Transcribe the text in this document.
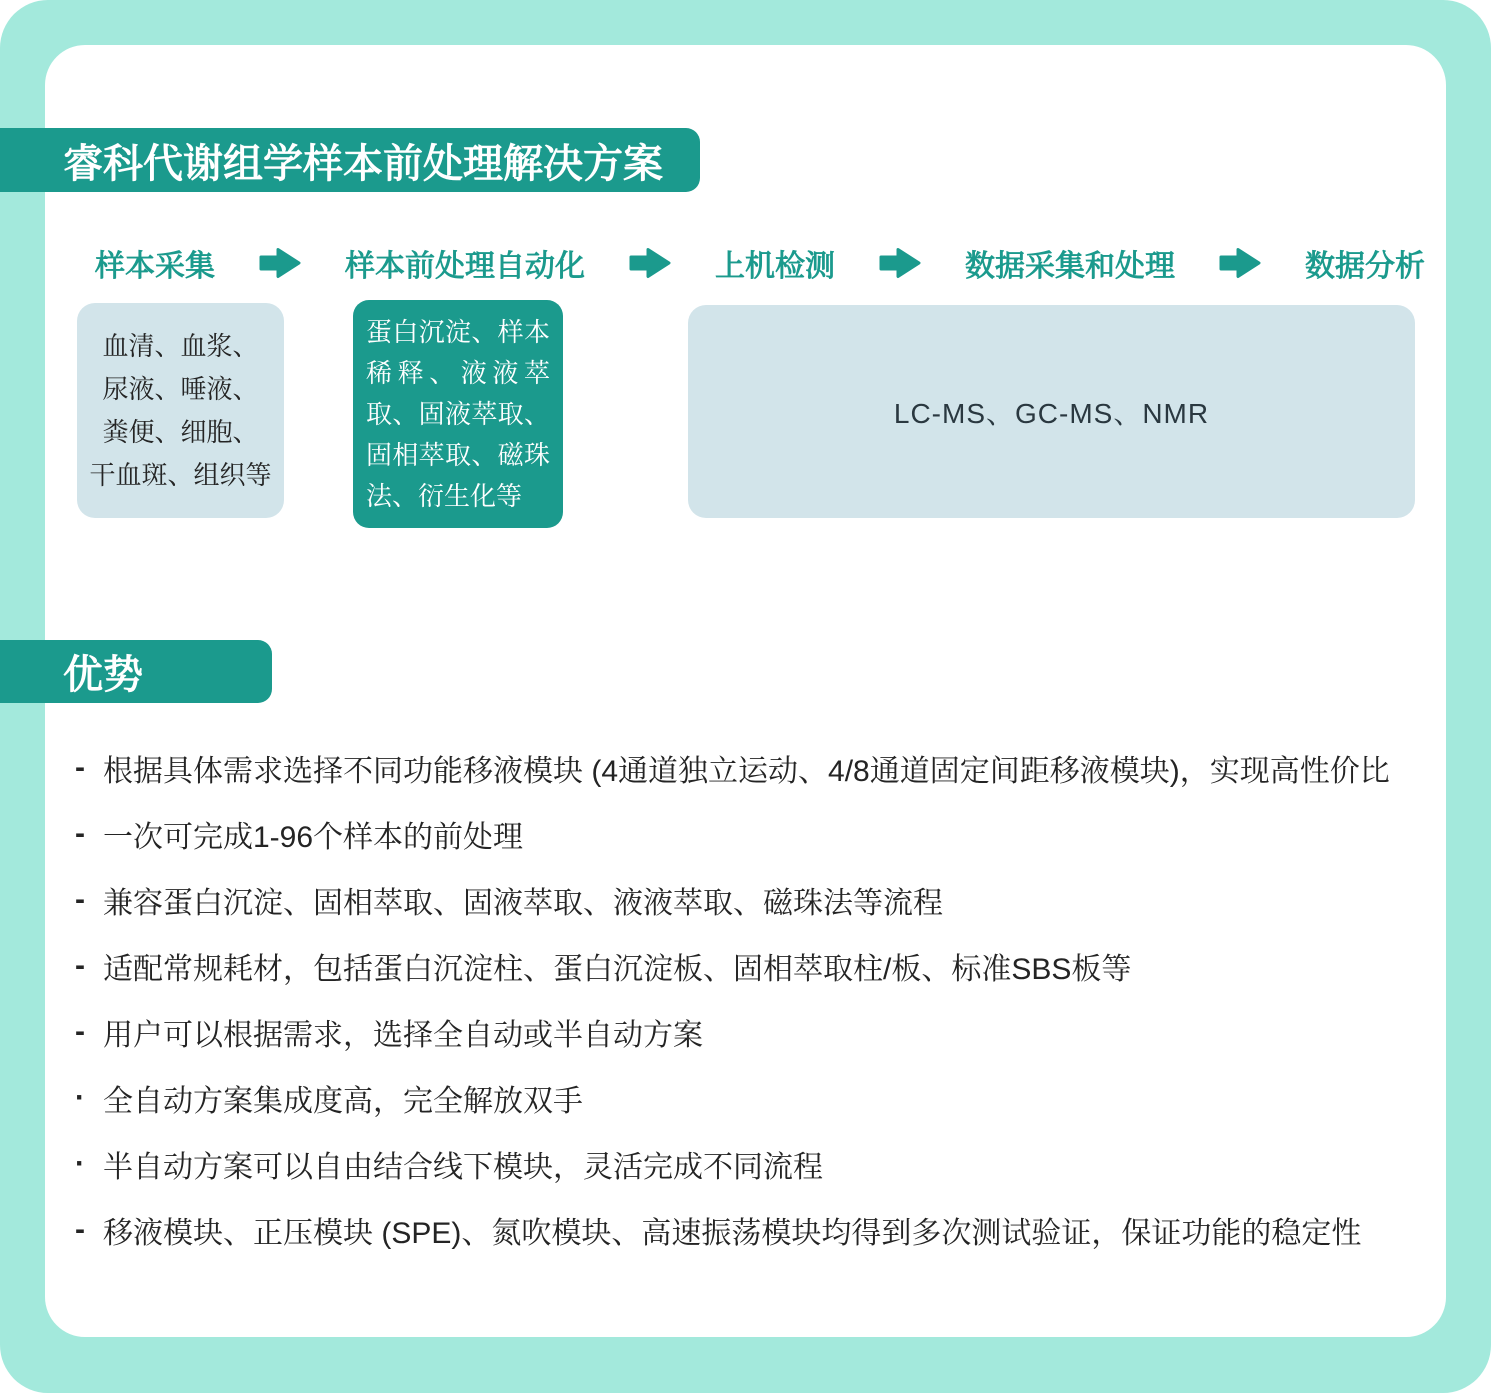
睿科代谢组学样本前处理解决方案
样本采集	样本前处理自动化	上机检测	数据采集和处理	数据分析
血清、血浆、
尿液、唾液、
粪便、细胞、
干血斑、组织等
蛋白沉淀、样本稀释、液液萃取、固液萃取、固相萃取、磁珠法、衍生化等
LC-MS、GC-MS、NMR
优势
- 根据具体需求选择不同功能移液模块 (4通道独立运动、4/8通道固定间距移液模块)，实现高性价比
- 一次可完成1-96个样本的前处理
- 兼容蛋白沉淀、固相萃取、固液萃取、液液萃取、磁珠法等流程
- 适配常规耗材，包括蛋白沉淀柱、蛋白沉淀板、固相萃取柱/板、标准SBS板等
- 用户可以根据需求，选择全自动或半自动方案
· 全自动方案集成度高，完全解放双手
· 半自动方案可以自由结合线下模块，灵活完成不同流程
- 移液模块、正压模块 (SPE)、氮吹模块、高速振荡模块均得到多次测试验证，保证功能的稳定性
